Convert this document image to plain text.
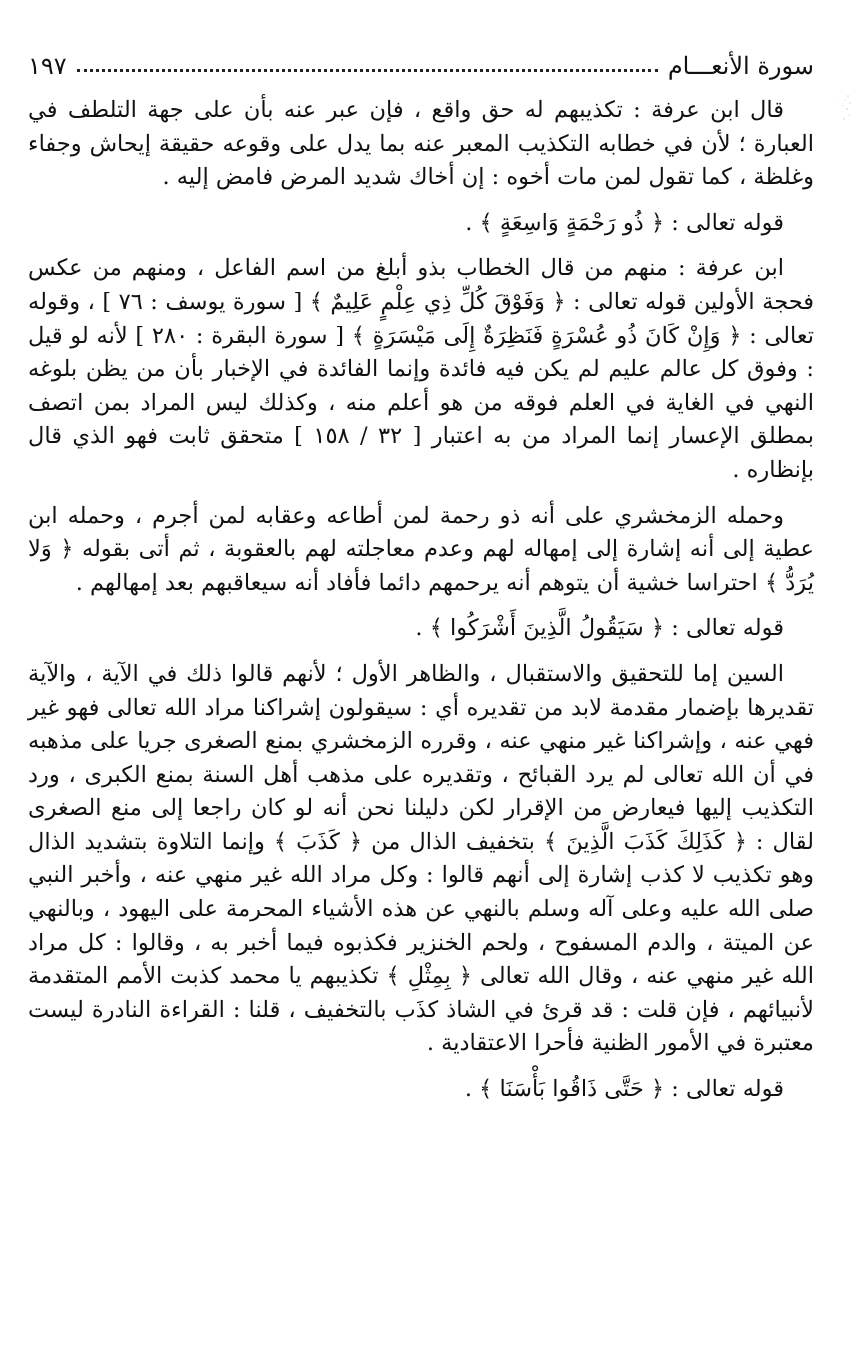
سورة الأنعـــام
١٩٧
قال ابن عرفة : تكذيبهم له حق واقع ، فإن عبر عنه بأن على جهة التلطف في العبارة ؛ لأن في خطابه التكذيب المعبر عنه بما يدل على وقوعه حقيقة إيحاش وجفاء وغلظة ، كما تقول لمن مات أخوه : إن أخاك شديد المرض فامض إليه .
قوله تعالى : ﴿ ذُو رَحْمَةٍ وَاسِعَةٍ ﴾ .
ابن عرفة : منهم من قال الخطاب بذو أبلغ من اسم الفاعل ، ومنهم من عكس فحجة الأولين قوله تعالى : ﴿ وَفَوْقَ كُلِّ ذِي عِلْمٍ عَلِيمٌ ﴾ [ سورة يوسف : ٧٦ ] ، وقوله تعالى : ﴿ وَإِنْ كَانَ ذُو عُسْرَةٍ فَنَظِرَةٌ إِلَى مَيْسَرَةٍ ﴾ [ سورة البقرة : ٢٨٠ ] لأنه لو قيل : وفوق كل عالم عليم لم يكن فيه فائدة وإنما الفائدة في الإخبار بأن من يظن بلوغه النهي في الغاية في العلم فوقه من هو أعلم منه ، وكذلك ليس المراد بمن اتصف بمطلق الإعسار إنما المراد من به اعتبار [ ٣٢ / ١٥٨ ] متحقق ثابت فهو الذي قال بإنظاره .
وحمله الزمخشري على أنه ذو رحمة لمن أطاعه وعقابه لمن أجرم ، وحمله ابن عطية إلى أنه إشارة إلى إمهاله لهم وعدم معاجلته لهم بالعقوبة ، ثم أتى بقوله ﴿ وَلا يُرَدُّ ﴾ احتراسا خشية أن يتوهم أنه يرحمهم دائما فأفاد أنه سيعاقبهم بعد إمهالهم .
قوله تعالى : ﴿ سَيَقُولُ الَّذِينَ أَشْرَكُوا ﴾ .
السين إما للتحقيق والاستقبال ، والظاهر الأول ؛ لأنهم قالوا ذلك في الآية ، والآية تقديرها بإضمار مقدمة لابد من تقديره أي : سيقولون إشراكنا مراد الله تعالى فهو غير فهي عنه ، وإشراكنا غير منهي عنه ، وقرره الزمخشري بمنع الصغرى جريا على مذهبه في أن الله تعالى لم يرد القبائح ، وتقديره على مذهب أهل السنة بمنع الكبرى ، ورد التكذيب إليها فيعارض من الإقرار لكن دليلنا نحن أنه لو كان راجعا إلى منع الصغرى لقال : ﴿ كَذَلِكَ كَذَبَ الَّذِينَ ﴾ بتخفيف الذال من ﴿ كَذَبَ ﴾ وإنما التلاوة بتشديد الذال وهو تكذيب لا كذب إشارة إلى أنهم قالوا : وكل مراد الله غير منهي عنه ، وأخبر النبي صلى الله عليه وعلى آله وسلم بالنهي عن هذه الأشياء المحرمة على اليهود ، وبالنهي عن الميتة ، والدم المسفوح ، ولحم الخنزير فكذبوه فيما أخبر به ، وقالوا : كل مراد الله غير منهي عنه ، وقال الله تعالى ﴿ بِمِثْلِ ﴾ تكذيبهم يا محمد كذبت الأمم المتقدمة لأنبيائهم ، فإن قلت : قد قرئ في الشاذ كذَب بالتخفيف ، قلنا : القراءة النادرة ليست معتبرة في الأمور الظنية فأحرا الاعتقادية .
قوله تعالى : ﴿ حَتَّى ذَاقُوا بَأْسَنَا ﴾ .
